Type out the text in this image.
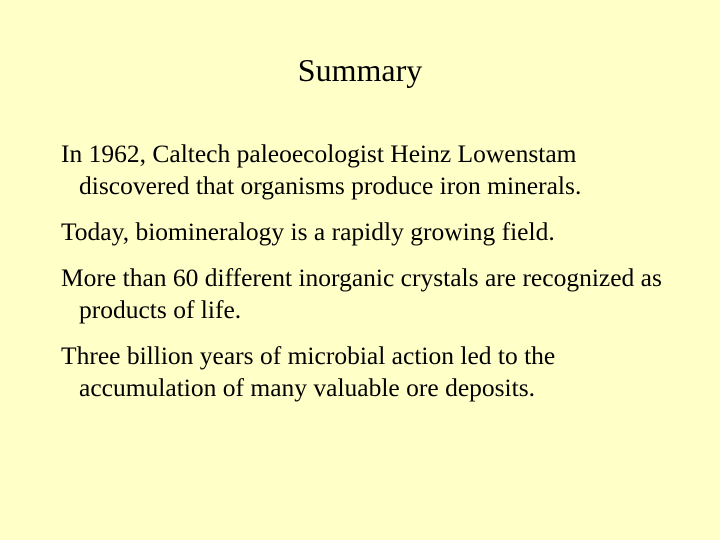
Summary
In 1962, Caltech paleoecologist Heinz Lowenstam discovered that organisms produce iron minerals.
Today, biomineralogy is a rapidly growing field.
More than 60 different inorganic crystals are recognized as products of life.
Three billion years of microbial action led to the accumulation of many valuable ore deposits.
